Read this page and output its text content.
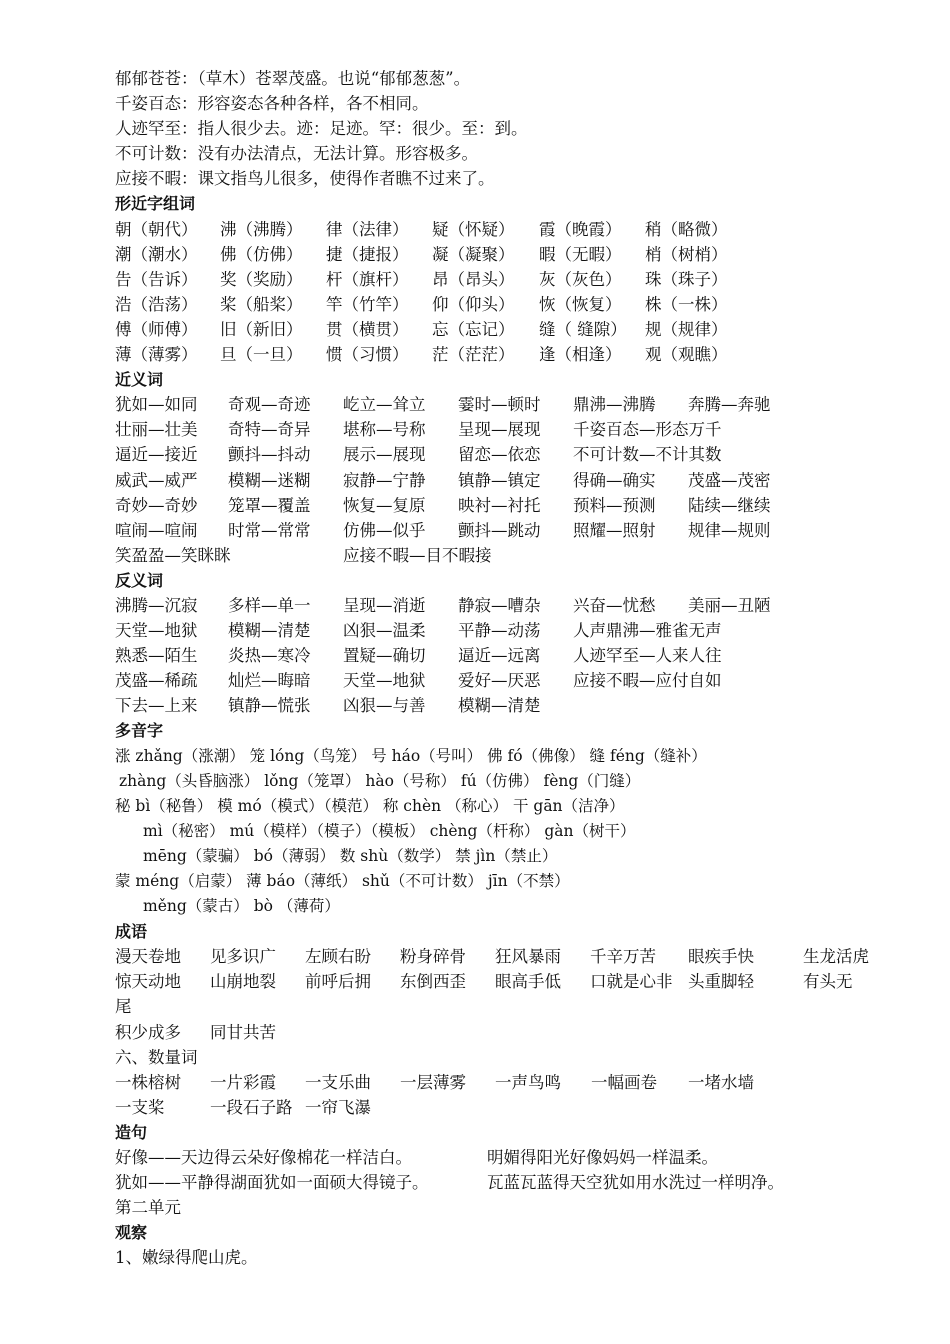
郁郁苍苍：（草木）苍翠茂盛。也说“郁郁葱葱”。
千姿百态：形容姿态各种各样，各不相同。
人迹罕至：指人很少去。迹：足迹。罕：很少。至：到。
不可计数：没有办法清点，无法计算。形容极多。
应接不暇：课文指鸟儿很多，使得作者瞧不过来了。
形近字组词
朝（朝代） 沸（沸腾） 律（法律） 疑（怀疑） 霞（晚霞） 稍（略微）
潮（潮水） 佛（仿佛） 捷（捷报） 凝（凝聚） 暇（无暇） 梢（树梢）
告（告诉） 奖（奖励） 杆（旗杆） 昂（昂头） 灰（灰色） 珠（珠子）
浩（浩荡） 桨（船桨） 竿（竹竿） 仰（仰头） 恢（恢复） 株（一株）
傅（师傅） 旧（新旧） 贯（横贯） 忘（忘记） 缝（ 缝隙） 规（规律）
薄（薄雾） 旦（一旦） 惯（习惯） 茫（茫茫） 逢（相逢） 观（观瞧）
近义词
犹如—如同 奇观—奇迹 屹立—耸立 霎时—顿时 鼎沸—沸腾 奔腾—奔驰
壮丽—壮美 奇特—奇异 堪称—号称 呈现—展现 千姿百态—形态万千
逼近—接近 颤抖—抖动 展示—展现 留恋—依恋 不可计数—不计其数
威武—威严 模糊—迷糊 寂静—宁静 镇静—镇定 得确—确实 茂盛—茂密
奇妙—奇妙 笼罩—覆盖 恢复—复原 映衬—衬托 预料—预测 陆续—继续
喧闹—喧闹 时常—常常 仿佛—似乎 颤抖—跳动 照耀—照射 规律—规则
笑盈盈—笑眯眯	应接不暇—目不暇接
反义词
沸腾—沉寂 多样—单一 呈现—消逝 静寂—嘈杂 兴奋—忧愁 美丽—丑陋
天堂—地狱 模糊—清楚 凶狠—温柔 平静—动荡 人声鼎沸—雅雀无声
熟悉—陌生 炎热—寒冷 置疑—确切 逼近—远离 人迹罕至—人来人往
茂盛—稀疏 灿烂—晦暗 天堂—地狱 爱好—厌恶 应接不暇—应付自如
下去—上来 镇静—慌张 凶狠—与善 模糊—清楚
多音字
涨 zhǎng（涨潮） 笼 lóng（鸟笼） 号 háo（号叫） 佛 fó（佛像） 缝 féng（缝补）
zhàng（头昏脑涨） lǒng（笼罩） hào（号称） fú（仿佛） fèng（门缝）
秘 bì（秘鲁） 模 mó（模式）（模范） 称 chèn （称心） 干 gān（洁净）
mì（秘密） mú（模样）（模子）（模板） chèng（杆称） gàn（树干）
mēng（蒙骗） bó（薄弱） 数 shù（数学） 禁 jìn（禁止）
蒙 méng（启蒙） 薄 báo（薄纸） shǔ（不可计数） jīn（不禁）
měng（蒙古） bò （薄荷）
成语
漫天卷地 见多识广 左顾右盼 粉身碎骨 狂风暴雨 千辛万苦 眼疾手快	生龙活虎
惊天动地 山崩地裂 前呼后拥 东倒西歪 眼高手低 口就是心非 头重脚轻	有头无
尾
积少成多 同甘共苦
六、数量词
一株榕树 一片彩霞 一支乐曲 一层薄雾 一声鸟鸣 一幅画卷 一堵水墙
一支桨	一段石子路 一帘飞瀑
造句
好像——天边得云朵好像棉花一样洁白。	明媚得阳光好像妈妈一样温柔。
犹如——平静得湖面犹如一面硕大得镜子。	瓦蓝瓦蓝得天空犹如用水洗过一样明净。
第二单元
观察
1、嫩绿得爬山虎。
